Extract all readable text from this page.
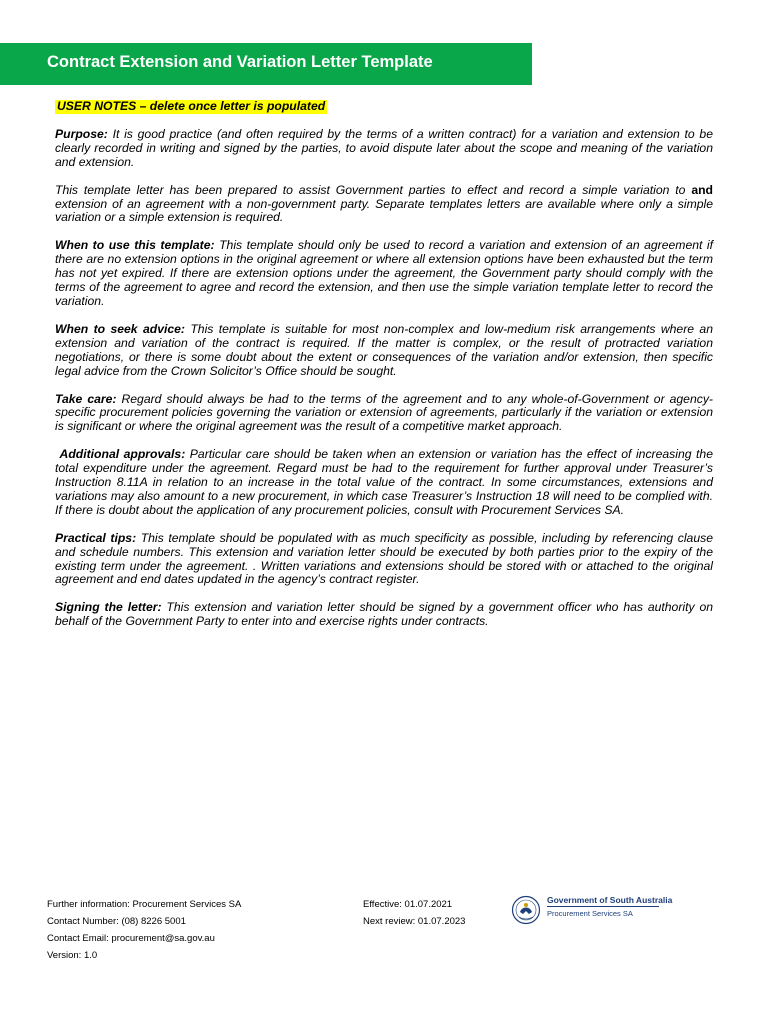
Contract Extension and Variation Letter Template
USER NOTES – delete once letter is populated

Purpose: It is good practice (and often required by the terms of a written contract) for a variation and extension to be clearly recorded in writing and signed by the parties, to avoid dispute later about the scope and meaning of the variation and extension.

This template letter has been prepared to assist Government parties to effect and record a simple variation to and extension of an agreement with a non-government party. Separate templates letters are available where only a simple variation or a simple extension is required.

When to use this template: This template should only be used to record a variation and extension of an agreement if there are no extension options in the original agreement or where all extension options have been exhausted but the term has not yet expired. If there are extension options under the agreement, the Government party should comply with the terms of the agreement to agree and record the extension, and then use the simple variation template letter to record the variation.

When to seek advice: This template is suitable for most non-complex and low-medium risk arrangements where an extension and variation of the contract is required. If the matter is complex, or the result of protracted variation negotiations, or there is some doubt about the extent or consequences of the variation and/or extension, then specific legal advice from the Crown Solicitor’s Office should be sought.

Take care: Regard should always be had to the terms of the agreement and to any whole-of-Government or agency-specific procurement policies governing the variation or extension of agreements, particularly if the variation or extension is significant or where the original agreement was the result of a competitive market approach.

Additional approvals: Particular care should be taken when an extension or variation has the effect of increasing the total expenditure under the agreement. Regard must be had to the requirement for further approval under Treasurer’s Instruction 8.11A in relation to an increase in the total value of the contract. In some circumstances, extensions and variations may also amount to a new procurement, in which case Treasurer’s Instruction 18 will need to be complied with. If there is doubt about the application of any procurement policies, consult with Procurement Services SA.

Practical tips: This template should be populated with as much specificity as possible, including by referencing clause and schedule numbers. This extension and variation letter should be executed by both parties prior to the expiry of the existing term under the agreement. . Written variations and extensions should be stored with or attached to the original agreement and end dates updated in the agency’s contract register.

Signing the letter: This extension and variation letter should be signed by a government officer who has authority on behalf of the Government Party to enter into and exercise rights under contracts.

Further information: Procurement Services SA
Contact Number: (08) 8226 5001
Contact Email: procurement@sa.gov.au
Version: 1.0
Effective: 01.07.2021
Next review: 01.07.2023
Government of South Australia
Procurement Services SA
